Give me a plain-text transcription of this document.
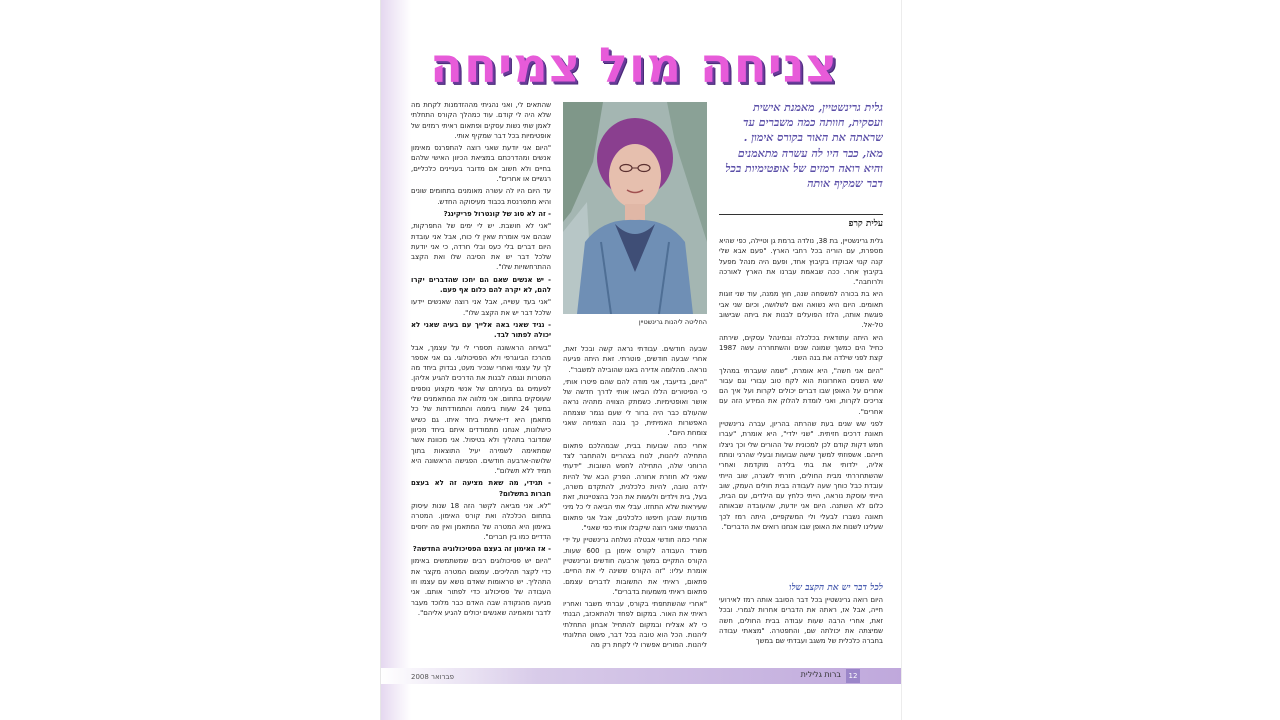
צניחה מול צמיחה
גלית גרינשטיין, מאמנת אישית ועסקית, חוותה כמה משברים עד שראתה את האור בקורס אימון . מאז, כבר היו לה עשרה מתאמנים והיא רואה רמזים של אופטימיות בכל דבר שמקיף אותה
עלית קרפ

גלית גרינשטיין, בת 38, נולדה ברמת גן וטיילה, כפי שהיא מספרת, עם הוריה בכל רחבי הארץ. "פעם אבא שלי קנה קנוי אבוקדו בקיבוץ אחד, ופעם היה מנהל מפעל בקיבוץ אחר. ככה שבאמת עברנו את הארץ לאורכה ולרוחבה".

היא בת בכורה למשפחה שנה, חוץ ממנה, עוד שני זוגות תאומים. היום היא נשואה ואם לשלושה, וכיום שני אבי פוגשת אותה, הלוז הפועלים לבנות את ביתה שבישוב טל-אל.

היא היתה עתודאית בכלכלה ובמינהל עסקים, שירתה כחיל הים כמשך שמונה שנים והשתחררה עשה 1987 קצת לפני שילדה את בנה השני.

"היום אני חשה", היא אומרת, "שמה שעברתי במהלך שש השנים האחרונות הוא לקח טוב עבורי וגם עבור אחרים על האופן שבו דברים יכולים לקרות ועל איך הם צריכים לקרות, ואני לומדת להלוק את המידע הזה עם אחרים".

לפני שש שנים בעת שהרתה בהריון, עברה גרינשטיין תאונת דרכים חזיתית. "שני ילדי", היא אומרת, "עברו חמש דקות קודם לכן למכונית של ההורים שלי וכך ניצלו חייהם. אשפוזתי למשך שישה שבועות ובעלי שהרגי ונותח אליה, ילדותי את בתי בלידה מוקדמת ואחרי שהשתחררתי מבית החולים, חזרתי לשגרה, שוב הייתי עובדת כבל כוחך שעה לעבודה בבית חולים העמק, שוב הייתי עוסקת נוראה, הייתי כלחץ עם הילדים, עם הבית, כלום לא השתנה. היום אני יודעת, שהעובדה שבאותה תאונה נשברו לבעלי ולי המשקפיים, היתה רמז לכך שעלינו לשנות את האופן שבו אנחנו רואים את הדברים".

לכל דבר יש את הקצב שלו

היום רואה גרינשטיין בכל דבר הסובב אותה רמז לאירועי חייה, אבל אז, ראתה את הדברים אחרות לגמרי. ובכל זאת, אחרי הרבה שעות עבודה בבית החולים, חשה שמיצתה את יכולתה שם, והתפטרה. "מצאתי עבודה בחברה כלכלית של משגב ועבדתי שם במשך

החליטה ליהנות גרינשטיין

שבעה חודשים. עבודתי נראה קשה ובכל זאת, אחרי שבעה חודשים, פוטרתי. זאת היתה פגיעה נוראה. מהלומה אדירה באגו שהובילה למשבר".

"היום, בדיעבד, אני מודה להם שהם פיטרו אותי, כי הפיטורים הללו הביאו אותי לדרך חדשה של אושר ואופטימיות. כשמתק הצוויה מתהיה נראה שהעולם כבר היה ברור לי שעם נגמר שצמחה האפשרות האמיתית, כך גובה הצמיחה שאני צומחת היום".

אחרי כמה שבועות בבית, שבמהלכם פתאום התחילה ליהנות, לנוח בצהריים ולהתחבר לצד הרוחני שלה, התחילה לחפש השובות. "ידעתי שאני לא חוזרת אחורה. הפרק הבא של להיות ילדה טובה, להיות כלכלנית, להתקדם משרה, בעל, בית וילדים ולעשות את הכל בהצטיינות, זאת שעיראות שלא התחזו. עבלי אתי הביאה לי כל מיני מודעות שבהן חיפשו כלכלנים, אבל אני פתאום הרגשתי שאני רוצה שיקבלו אותי כפי שאני".

אחרי כמה חודשי אבטלה נשלחה גרינשטיין על ידי משרד העבודה לקורס אימון בן 600 שעות. הקורס התקיים במשך ארבעה חודשים וגרינשטיין אומרת עליו: "זה הקורס ששינה לי את החיים. פתאום, ראיתי את התשובות לדברים עצמם. פתאום ראיתי משמעות בדברים".

"אחרי שהשתתפתי בקורס, עברתי משבר ואחריו ראיתי את האור. במקום לפחד ולהתאכזב, הבנתי כי לא אצליח ובמקום להתחיל אבחון התחלתי ליהנות. הכל הוא טובה בכל דבר, פשוט התלונתי ליהנות. המורים אפשרו לי לקחת רק מה

שהתאים לי, ואני נהגיתי מההזדמנות לקחת מה שלא היה לי קודם. עוד כמהלך הקורס התחלתי לאמן שתי נשות עסקים ופתאום ראיתי רמזים של אופטימיות בכל דבר שמקיף אותי.

"היום אני יודעת שאני רוצה להתפרנס מאימון אנשים ומהדרכתם במציאת הכיוון האישי שלהם בחיים ולא חשוב אם מדובר בעניינים כלכליים, רגשיים או אחרים".

עד היום היו לה עשרה מאומנים בתחומים שונים והיא מתפרנסת בכבוד מעיסוקה החדש.

- זה לא סוג של קונטרול פריקינג?

"אני לא חושבת. יש לי ימים של התפרקות, שבהם אני אומרת שאין לי כוח, אבל אני עובדת היום דברים בלי כעס ובלי חרדה, כי אני יודעת שלכל דבר יש את הסיבה שלו ואת הקצב ההתרחשויות שלו".

- יש אנשים שאם הם יחכו שהדברים יקרו להם, לא יקרה להם כלום אף פעם.

"אני בעד עשייה, אבל אני רוצה שאנשים יידעו שלכל דבר יש את הקצב שלו".

- נגיד שאני באה אלייך עם בעיה שאני לא יכולה לפתור לבד.

"בשיחה הראשונה תספרי לי על עצמך, אבל מהרכז הביוגרפי ולא הפסיכולוגי. גם אני אספר לך על עצמי ואחרי שנכיר מעט, נבדוק ביחד מה המטרות ונגמה לבנות את הדרכים להגיע אליהן. לפעמים גם בעזרתם של אנשי מקצוע נוספים שעוסקים בתחום. אני מלווה את המתאמנים שלי במשך 24 שעות ביממה והתמודדתות של כל מתאמן היא די-אישית ביחד איתו. גם כשיש כישלונות, אנחנו מתמודדים איתם ביחד מכיוון שמדובר בתהליך ולא בטיפול. אני מכוונת אשר שמתאימה לשמירה יעיל התוצאות בתוך שלושה-ארבעה חודשים. הפגישה הראשונה היא תמיד ללא תשלום".

- תגידי, מה שאת מציעה זה לא בעצם חברות בתשלום?

"לא. אני מביאה לקשר הזה 18 שנות עיסוק בתחום הכלכלה ואת קורס האימון. המטרה באימון היא המטרה של המתאמן ואין פה יחסים הדדיים כמו בין חברים".

- אז האימון זה בעצם הפסיכולוגיה החדשה?

"היום יש פסיכולוגים רבים שמשתמשים באימון כדי לקצר תהליכים. עמצום המטרה מקצר את התהליך. יש טראומות שאדם נושא עם עצמו וזו העבודה של פסיכולוג כדי לפתור אותם. אני מגיעה מהנקודה שבה האדם כבר מלוכד מעבר לדבר ומאמינה שאנשים יכולים להגיע אליהם".

פברואר 2008	ברות גלילית	12
